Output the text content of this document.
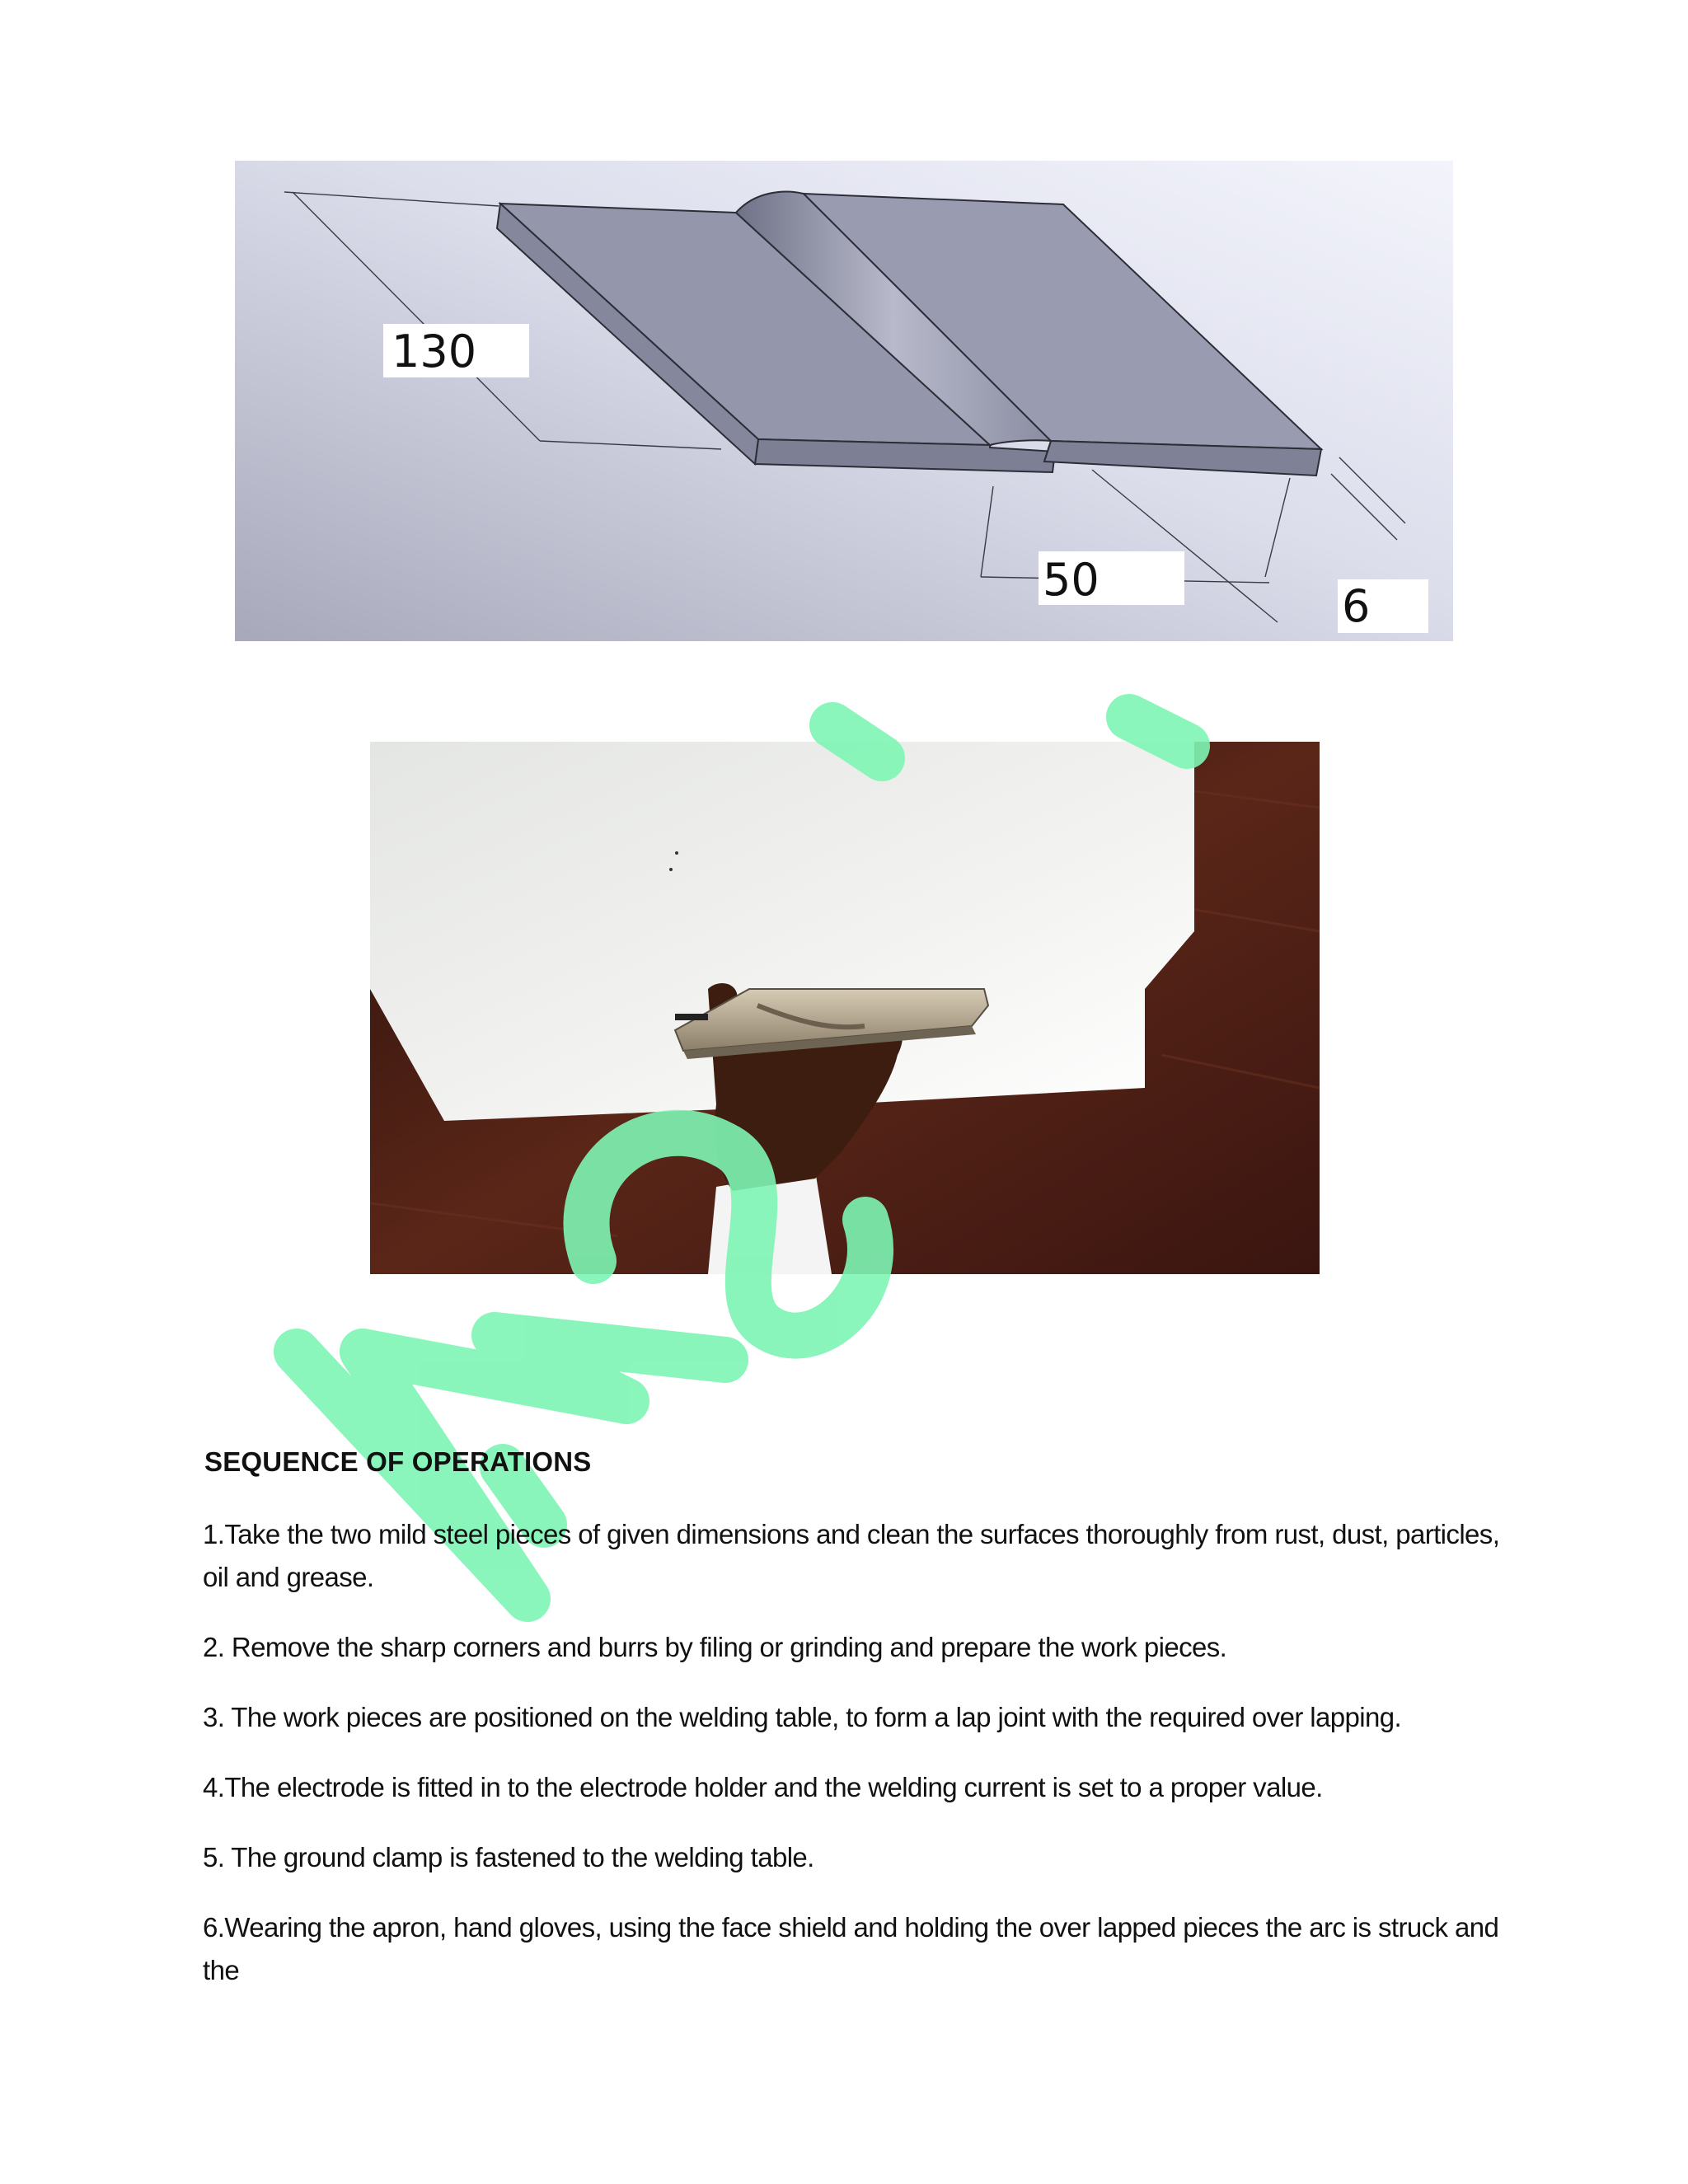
130
50
6
SEQUENCE OF OPERATIONS

1.Take the two mild steel pieces of given dimensions and clean the surfaces thoroughly from rust, dust, particles, oil and grease.

2. Remove the sharp corners and burrs by filing or grinding and prepare the work pieces.

3. The work pieces are positioned on the welding table, to form a lap joint with the required over lapping.

4.The electrode is fitted in to the electrode holder and the welding current is set to a proper value.

5. The ground clamp is fastened to the welding table.

6.Wearing the apron, hand gloves, using the face shield and holding the over lapped pieces the arc is struck and the
